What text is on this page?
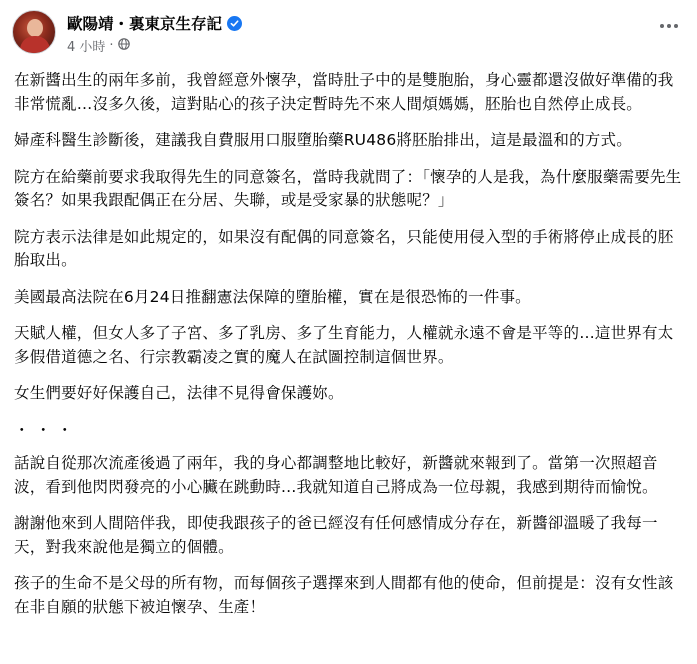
歐陽靖・裏東京生存記
4 小時 ·

在新醬出生的兩年多前，我曾經意外懷孕，當時肚子中的是雙胞胎，身心靈都還沒做好準備的我非常慌亂…沒多久後，這對貼心的孩子決定暫時先不來人間煩媽媽，胚胎也自然停止成長。

婦產科醫生診斷後，建議我自費服用口服墮胎藥RU486將胚胎排出，這是最溫和的方式。

院方在給藥前要求我取得先生的同意簽名，當時我就問了：「懷孕的人是我，為什麼服藥需要先生簽名？如果我跟配偶正在分居、失聯，或是受家暴的狀態呢？」

院方表示法律是如此規定的，如果沒有配偶的同意簽名，只能使用侵入型的手術將停止成長的胚胎取出。

美國最高法院在6月24日推翻憲法保障的墮胎權，實在是很恐怖的一件事。

天賦人權，但女人多了子宮、多了乳房、多了生育能力，人權就永遠不會是平等的…這世界有太多假借道德之名、行宗教霸凌之實的魔人在試圖控制這個世界。

女生們要好好保護自己，法律不見得會保護妳。

・・・

話說自從那次流產後過了兩年，我的身心都調整地比較好，新醬就來報到了。當第一次照超音波，看到他閃閃發亮的小心臟在跳動時…我就知道自己將成為一位母親，我感到期待而愉悅。

謝謝他來到人間陪伴我，即使我跟孩子的爸已經沒有任何感情成分存在，新醬卻溫暖了我每一天，對我來說他是獨立的個體。

孩子的生命不是父母的所有物，而每個孩子選擇來到人間都有他的使命，但前提是：沒有女性該在非自願的狀態下被迫懷孕、生產！
